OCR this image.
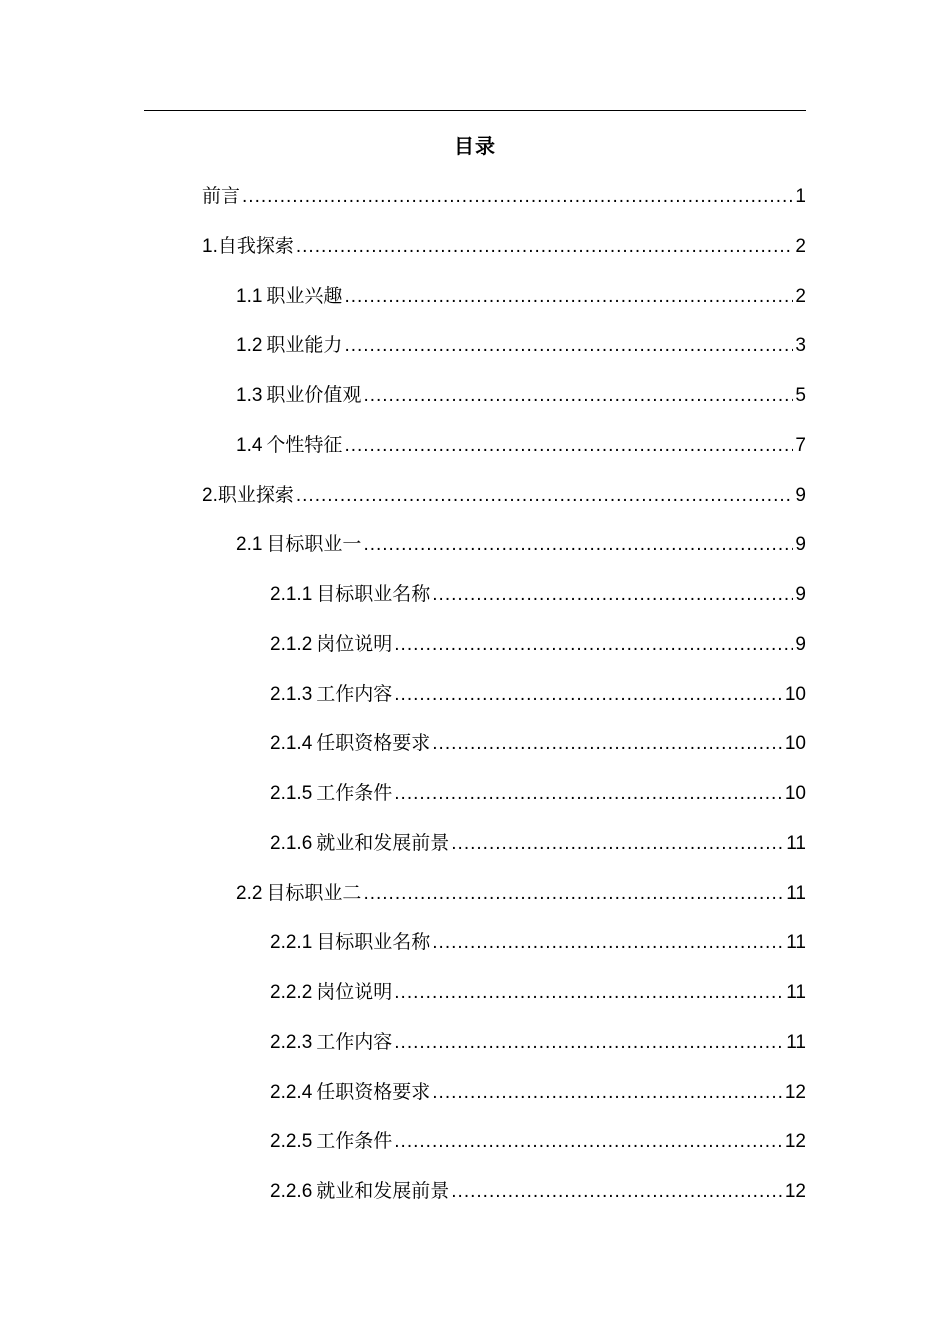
目录
前言 .....	1
1. 自我探索 .....	2
1.1 职业兴趣 .....	2
1.2 职业能力 .....	3
1.3 职业价值观 .....	5
1.4 个性特征 .....	7
2. 职业探索 .....	9
2.1 目标职业一 .....	9
2.1.1 目标职业名称 .....	9
2.1.2 岗位说明 .....	9
2.1.3 工作内容 .....	10
2.1.4 任职资格要求 .....	10
2.1.5 工作条件 .....	10
2.1.6 就业和发展前景 .....	11
2.2 目标职业二 .....	11
2.2.1 目标职业名称 .....	11
2.2.2 岗位说明 .....	11
2.2.3 工作内容 .....	11
2.2.4 任职资格要求 .....	12
2.2.5 工作条件 .....	12
2.2.6 就业和发展前景 .....	12
